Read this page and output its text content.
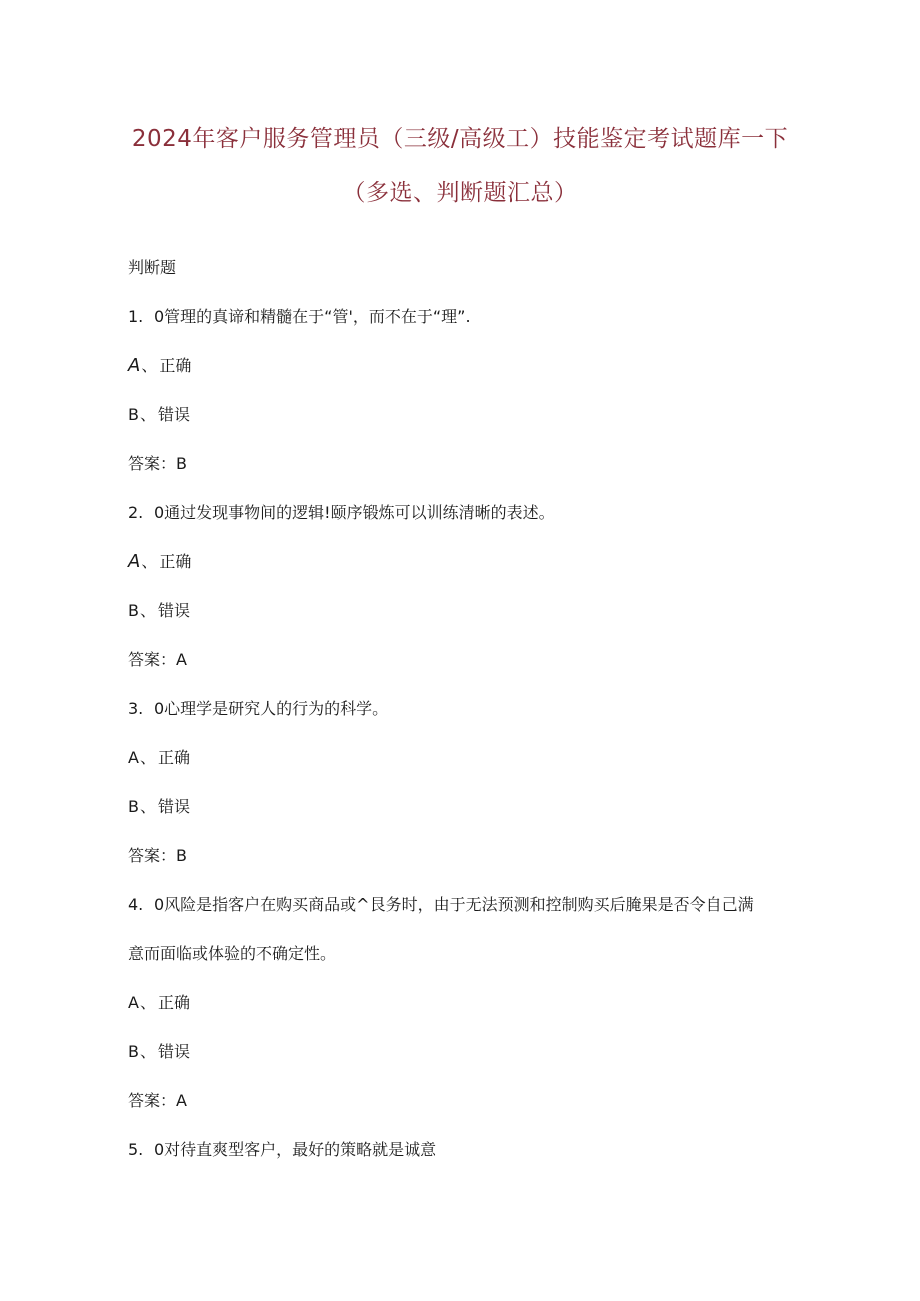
2024年客户服务管理员（三级/高级工）技能鉴定考试题库一下
（多选、判断题汇总）
判断题
1. 0管理的真谛和精髓在于“管'，而不在于“理”.
A、 正确
B、 错误
答案：B
2. 0通过发现事物间的逻辑!颐序锻炼可以训练清晰的表述。
A、 正确
B、 错误
答案：A
3. 0心理学是研究人的行为的科学。
A、 正确
B、 错误
答案：B
4. 0风险是指客户在购买商品或^艮务时，由于无法预测和控制购买后腌果是否令自己满
意而面临或体验的不确定性。
A、 正确
B、 错误
答案：A
5. 0对待直爽型客户，最好的策略就是诚意
